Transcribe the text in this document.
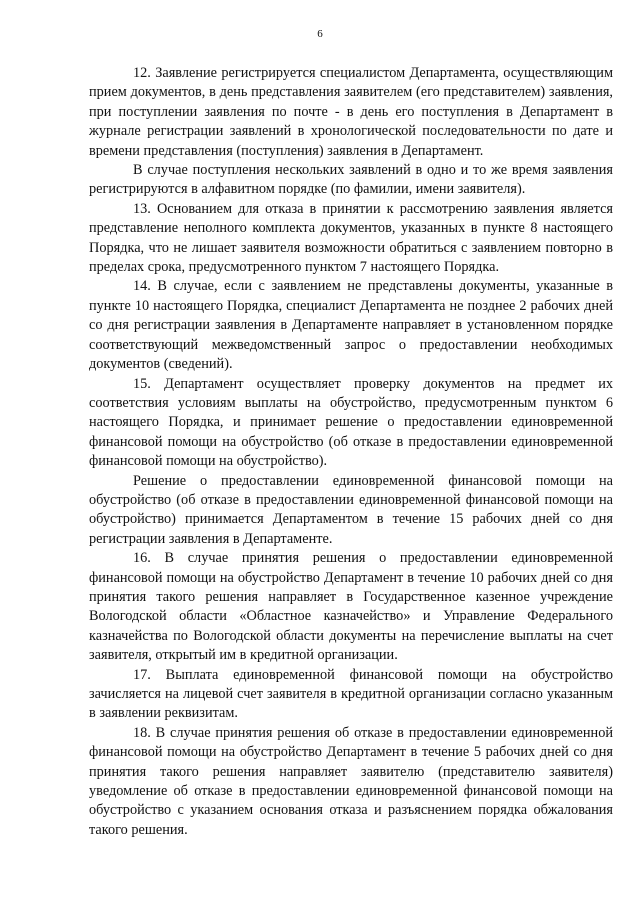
6

12. Заявление регистрируется специалистом Департамента, осуществляющим прием документов, в день представления заявителем (его представителем) заявления, при поступлении заявления по почте - в день его поступления в Департамент в журнале регистрации заявлений в хронологической последовательности по дате и времени представления (поступления) заявления в Департамент.

В случае поступления нескольких заявлений в одно и то же время заявления регистрируются в алфавитном порядке (по фамилии, имени заявителя).

13. Основанием для отказа в принятии к рассмотрению заявления является представление неполного комплекта документов, указанных в пункте 8 настоящего Порядка, что не лишает заявителя возможности обратиться с заявлением повторно в пределах срока, предусмотренного пунктом 7 настоящего Порядка.

14. В случае, если с заявлением не представлены документы, указанные в пункте 10 настоящего Порядка, специалист Департамента не позднее 2 рабочих дней со дня регистрации заявления в Департаменте направляет в установленном порядке соответствующий межведомственный запрос о предоставлении необходимых документов (сведений).

15. Департамент осуществляет проверку документов на предмет их соответствия условиям выплаты на обустройство, предусмотренным пунктом 6 настоящего Порядка, и принимает решение о предоставлении единовременной финансовой помощи на обустройство (об отказе в предоставлении единовременной финансовой помощи на обустройство).

Решение о предоставлении единовременной финансовой помощи на обустройство (об отказе в предоставлении единовременной финансовой помощи на обустройство) принимается Департаментом в течение 15 рабочих дней со дня регистрации заявления в Департаменте.

16. В случае принятия решения о предоставлении единовременной финансовой помощи на обустройство Департамент в течение 10 рабочих дней со дня принятия такого решения направляет в Государственное казенное учреждение Вологодской области «Областное казначейство» и Управление Федерального казначейства по Вологодской области документы на перечисление выплаты на счет заявителя, открытый им в кредитной организации.

17. Выплата единовременной финансовой помощи на обустройство зачисляется на лицевой счет заявителя в кредитной организации согласно указанным в заявлении реквизитам.

18. В случае принятия решения об отказе в предоставлении единовременной финансовой помощи на обустройство Департамент в течение 5 рабочих дней со дня принятия такого решения направляет заявителю (представителю заявителя) уведомление об отказе в предоставлении единовременной финансовой помощи на обустройство с указанием основания отказа и разъяснением порядка обжалования такого решения.
